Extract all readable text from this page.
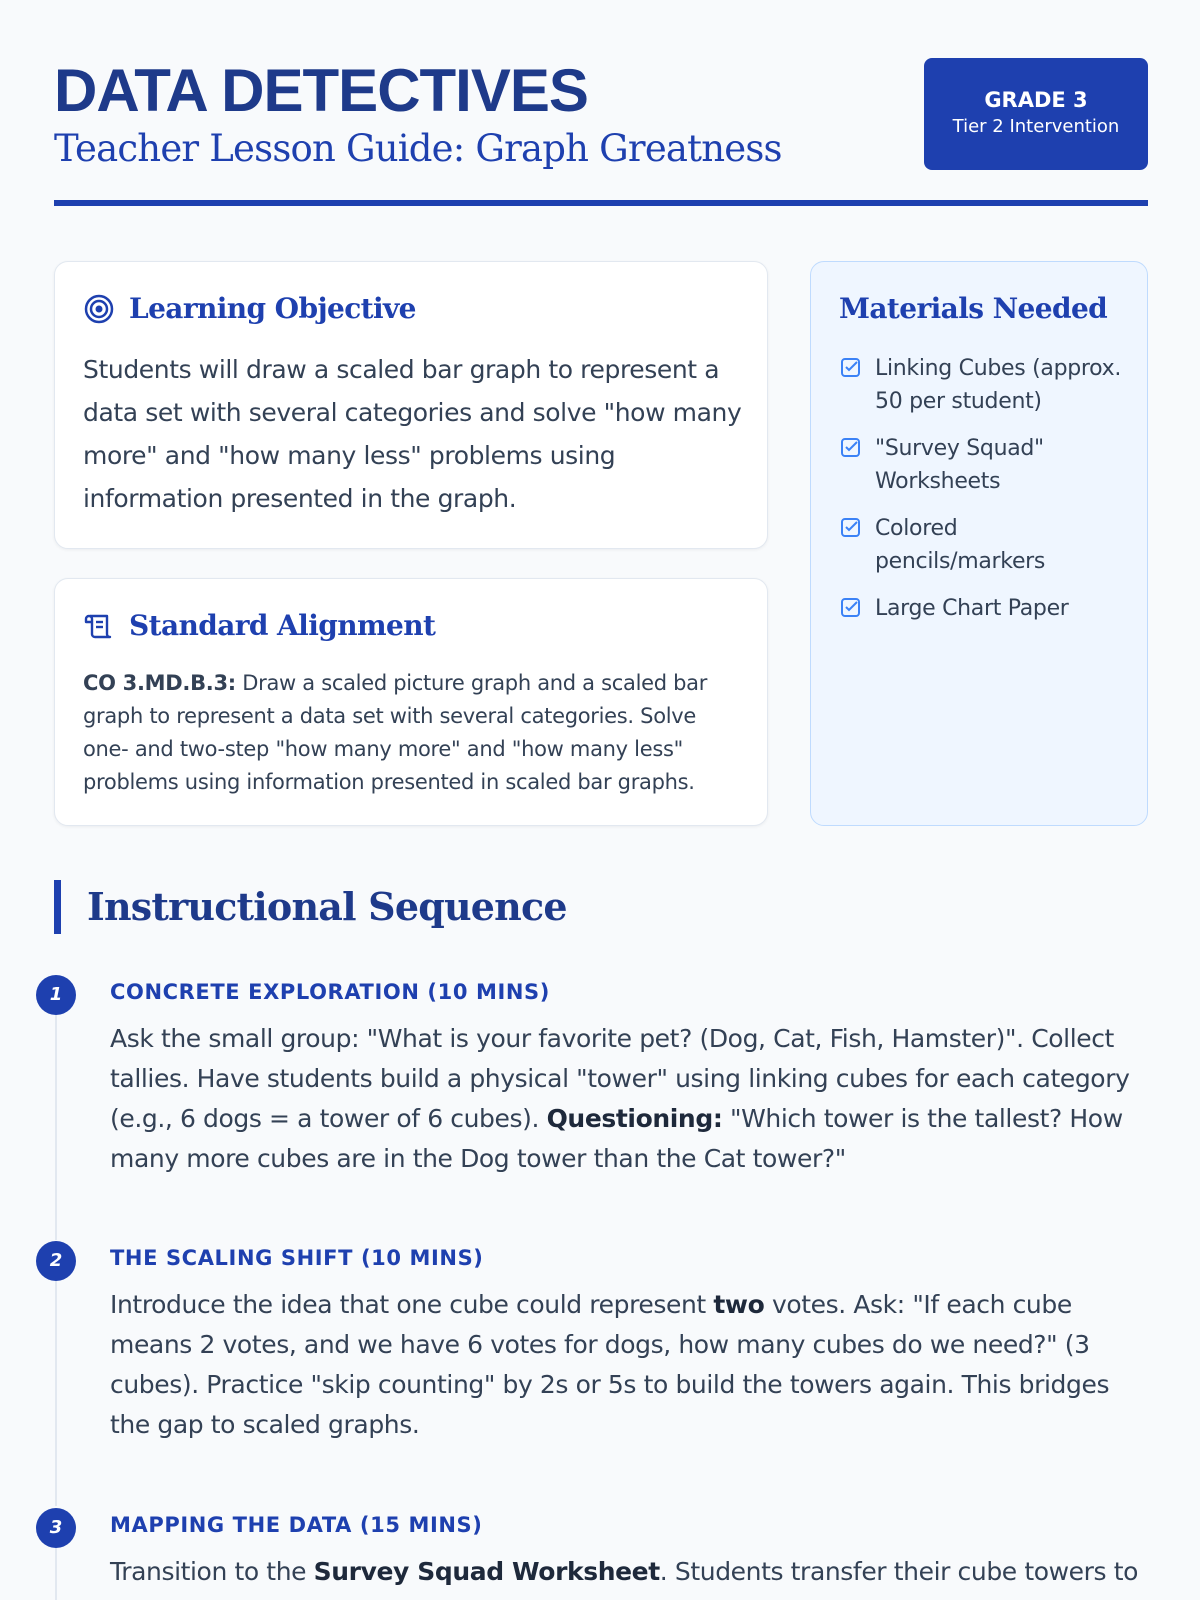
DATA DETECTIVES
Teacher Lesson Guide: Graph Greatness
GRADE 3
Tier 2 Intervention
Learning Objective
Students will draw a scaled bar graph to represent a data set with several categories and solve "how many more" and "how many less" problems using information presented in the graph.
Standard Alignment
CO 3.MD.B.3: Draw a scaled picture graph and a scaled bar graph to represent a data set with several categories. Solve one- and two-step "how many more" and "how many less" problems using information presented in scaled bar graphs.
Materials Needed
Linking Cubes (approx. 50 per student)
"Survey Squad" Worksheets
Colored pencils/markers
Large Chart Paper
Instructional Sequence
1	CONCRETE EXPLORATION (10 MINS)
Ask the small group: "What is your favorite pet? (Dog, Cat, Fish, Hamster)". Collect tallies. Have students build a physical "tower" using linking cubes for each category (e.g., 6 dogs = a tower of 6 cubes). Questioning: "Which tower is the tallest? How many more cubes are in the Dog tower than the Cat tower?"
2	THE SCALING SHIFT (10 MINS)
Introduce the idea that one cube could represent two votes. Ask: "If each cube means 2 votes, and we have 6 votes for dogs, how many cubes do we need?" (3 cubes). Practice "skip counting" by 2s or 5s to build the towers again. This bridges the gap to scaled graphs.
3	MAPPING THE DATA (15 MINS)
Transition to the Survey Squad Worksheet. Students transfer their cube towers to
